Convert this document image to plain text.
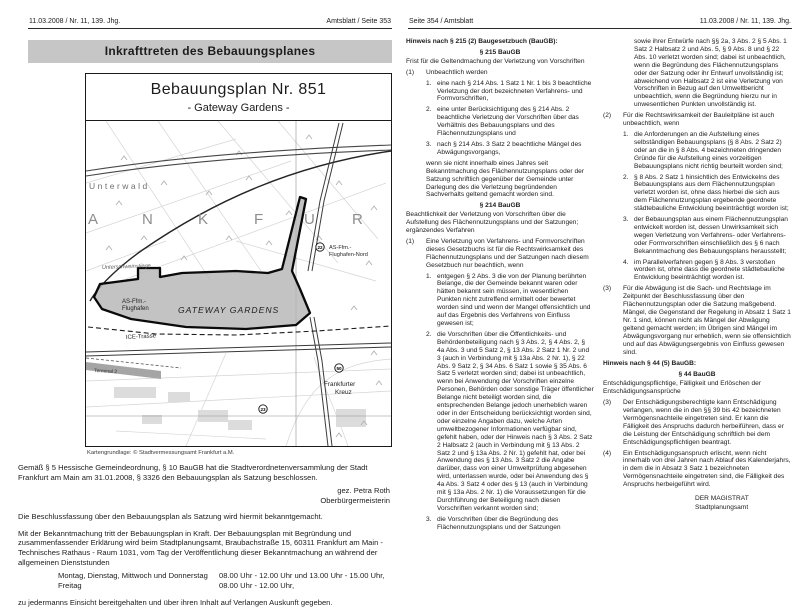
11.03.2008 / Nr. 11, 139. Jhg.	Amtsblatt / Seite 353
Inkrafttreten des Bebauungsplanes
Bebauungsplan Nr. 851
- Gateway Gardens -
A	N	K	F	U R
Unterwald
Unterschweinstiege
AS-Ffm.-
Flughafen-Nord
AS-Ffm.-
Flughafen	GATEWAY GARDENS
ICE-Trasse
Terminal 2
Frankfurter
Kreuz
22
50
23
Kartengrundlage: © Stadtvermessungsamt Frankfurt a.M.
Gemäß § 5 Hessische Gemeindeordnung, § 10 BauGB hat die Stadtverordnetenversammlung der Stadt Frankfurt am Main am 31.01.2008, § 3326 den Bebauungsplan als Satzung beschlossen.
gez. Petra Roth
Oberbürgermeisterin
Die Beschlussfassung über den Bebauungsplan als Satzung wird hiermit bekanntgemacht.
Mit der Bekanntmachung tritt der Bebauungsplan in Kraft. Der Bebauungsplan mit Begründung und zusammenfassender Erklärung wird beim Stadtplanungsamt, Braubachstraße 15, 60311 Frankfurt am Main - Technisches Rathaus - Raum 1031, vom Tag der Veröffentlichung dieser Bekanntmachung an während der allgemeinen Dienststunden
Montag, Dienstag, Mittwoch und Donnerstag	08.00 Uhr - 12.00 Uhr und 13.00 Uhr - 15.00 Uhr,
Freitag	08.00 Uhr - 12.00 Uhr,
zu jedermanns Einsicht bereitgehalten und über ihren Inhalt auf Verlangen Auskunft gegeben.
Seite 354 / Amtsblatt	11.03.2008 / Nr. 11, 139. Jhg.
Hinweis nach § 215 (2) Baugesetzbuch (BauGB):
§ 215 BauGB
Frist für die Geltendmachung der Verletzung von Vorschriften
(1)	Unbeachtlich werden
1. eine nach § 214 Abs. 1 Satz 1 Nr. 1 bis 3 beachtliche Verletzung der dort bezeichneten Verfahrens- und Formvorschriften,
2. eine unter Berücksichtigung des § 214 Abs. 2 beachtliche Verletzung der Vorschriften über das Verhältnis des Bebauungsplans und des Flächennutzungsplans und
3. nach § 214 Abs. 3 Satz 2 beachtliche Mängel des Abwägungsvorgangs,
wenn sie nicht innerhalb eines Jahres seit Bekanntmachung des Flächennutzungsplans oder der Satzung schriftlich gegenüber der Gemeinde unter Darlegung des die Verletzung begründenden Sachverhalts geltend gemacht worden sind.
§ 214 BauGB
Beachtlichkeit der Verletzung von Vorschriften über die Aufstellung des Flächennutzungsplans und der Satzungen; ergänzendes Verfahren
(1)	Eine Verletzung von Verfahrens- und Formvorschriften dieses Gesetzbuchs ist für die Rechtswirksamkeit des Flächennutzungsplans und der Satzungen nach diesem Gesetzbuch nur beachtlich, wenn
1. entgegen § 2 Abs. 3 die von der Planung berührten Belange, die der Gemeinde bekannt waren oder hätten bekannt sein müssen, in wesentlichen Punkten nicht zutreffend ermittelt oder bewertet worden sind und wenn der Mangel offensichtlich und auf das Ergebnis des Verfahrens von Einfluss gewesen ist;
2. die Vorschriften über die Öffentlichkeits- und Behördenbeteiligung nach § 3 Abs. 2, § 4 Abs. 2, § 4a Abs. 3 und 5 Satz 2, § 13 Abs. 2 Satz 1 Nr. 2 und 3 (auch in Verbindung mit § 13a Abs. 2 Nr. 1), § 22 Abs. 9 Satz 2, § 34 Abs. 6 Satz 1 sowie § 35 Abs. 6 Satz 5 verletzt worden sind; dabei ist unbeachtlich, wenn bei Anwendung der Vorschriften einzelne Personen, Behörden oder sonstige Träger öffentlicher Belange nicht beteiligt worden sind, die entsprechenden Belange jedoch unerheblich waren oder in der Entscheidung berücksichtigt worden sind, oder einzelne Angaben dazu, welche Arten umweltbezogener Informationen verfügbar sind, gefehlt haben, oder der Hinweis nach § 3 Abs. 2 Satz 2 Halbsatz 2 (auch in Verbindung mit § 13 Abs. 2 Satz 2 und § 13a Abs. 2 Nr. 1) gefehlt hat, oder bei Anwendung des § 13 Abs. 3 Satz 2 die Angabe darüber, dass von einer Umweltprüfung abgesehen wird, unterlassen wurde, oder bei Anwendung des § 4a Abs. 3 Satz 4 oder des § 13 (auch in Verbindung mit § 13a Abs. 2 Nr. 1) die Voraussetzungen für die Durchführung der Beteiligung nach diesen Vorschriften verkannt worden sind;
3. die Vorschriften über die Begründung des Flächennutzungsplans und der Satzungen
sowie ihrer Entwürfe nach §§ 2a, 3 Abs. 2 § 5 Abs. 1 Satz 2 Halbsatz 2 und Abs. 5, § 9 Abs. 8 und § 22 Abs. 10 verletzt worden sind; dabei ist unbeachtlich, wenn die Begründung des Flächennutzungsplans oder der Satzung oder ihr Entwurf unvollständig ist; abweichend von Halbsatz 2 ist eine Verletzung von Vorschriften in Bezug auf den Umweltbericht unbeachtlich, wenn die Begründung hierzu nur in unwesentlichen Punkten unvollständig ist.
(2)	Für die Rechtswirksamkeit der Bauleitpläne ist auch unbeachtlich, wenn
1. die Anforderungen an die Aufstellung eines selbständigen Bebauungsplans (§ 8 Abs. 2 Satz 2) oder an die in § 8 Abs. 4 bezeichneten dringenden Gründe für die Aufstellung eines vorzeitigen Bebauungsplans nicht richtig beurteilt worden sind;
2. § 8 Abs. 2 Satz 1 hinsichtlich des Entwickelns des Bebauungsplans aus dem Flächennutzungsplan verletzt worden ist, ohne dass hierbei die sich aus dem Flächennutzungsplan ergebende geordnete städtebauliche Entwicklung beeinträchtigt worden ist;
3. der Bebauungsplan aus einem Flächennutzungsplan entwickelt worden ist, dessen Unwirksamkeit sich wegen Verletzung von Verfahrens- oder Verfahrens- oder Formvorschriften einschließlich des § 6 nach Bekanntmachung des Bebauungsplans herausstellt;
4. im Parallelverfahren gegen § 8 Abs. 3 verstoßen worden ist, ohne dass die geordnete städtebauliche Entwicklung beeinträchtigt worden ist.
(3)	Für die Abwägung ist die Sach- und Rechtslage im Zeitpunkt der Beschlussfassung über den Flächennutzungsplan oder die Satzung maßgebend. Mängel, die Gegenstand der Regelung in Absatz 1 Satz 1 Nr. 1 sind, können nicht als Mängel der Abwägung geltend gemacht werden; im Übrigen sind Mängel im Abwägungsvorgang nur erheblich, wenn sie offensichtlich und auf das Abwägungsergebnis von Einfluss gewesen sind.
Hinweis nach § 44 (5) BauGB:
§ 44 BauGB
Entschädigungspflichtige, Fälligkeit und Erlöschen der Entschädigungsansprüche
(3)	Der Entschädigungsberechtigte kann Entschädigung verlangen, wenn die in den §§ 39 bis 42 bezeichneten Vermögensnachteile eingetreten sind. Er kann die Fälligkeit des Anspruchs dadurch herbeiführen, dass er die Leistung der Entschädigung schriftlich bei dem Entschädigungspflichtigen beantragt.
(4)	Ein Entschädigungsanspruch erlischt, wenn nicht innerhalb von drei Jahren nach Ablauf des Kalenderjahrs, in dem die in Absatz 3 Satz 1 bezeichneten Vermögensnachteile eingetreten sind, die Fälligkeit des Anspruchs herbeigeführt wird.
DER MAGISTRAT
Stadtplanungsamt
